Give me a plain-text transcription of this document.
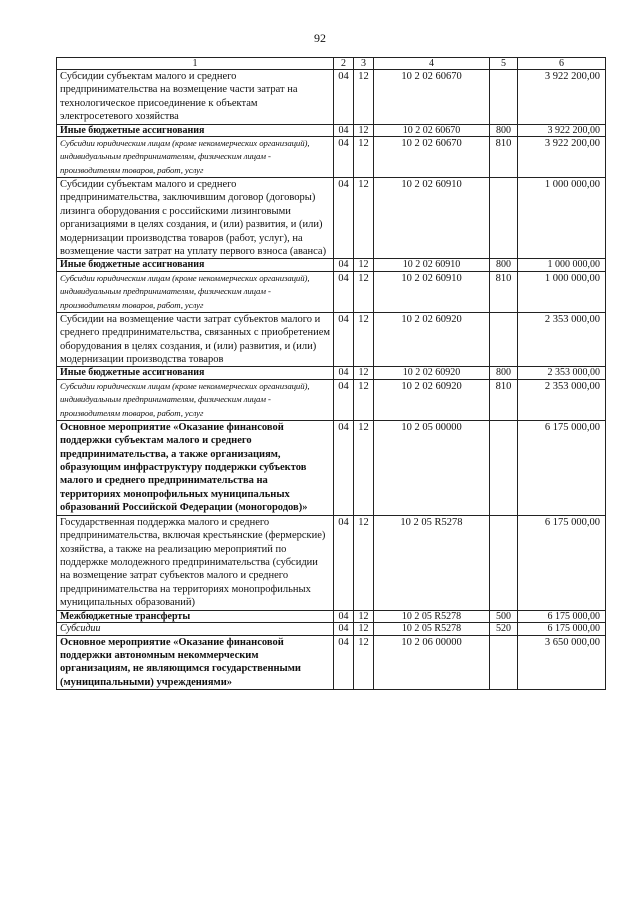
92
1	2	3	4	5	6
Субсидии субъектам малого и среднего предпринимательства на возмещение части затрат на технологическое присоединение к объектам электросетевого хозяйства	04	12	10 2 02 60670		3 922 200,00
Иные бюджетные ассигнования	04	12	10 2 02 60670	800	3 922 200,00
Субсидии юридическим лицам (кроме некоммерческих организаций), индивидуальным предпринимателям, физическим лицам - производителям товаров, работ, услуг	04	12	10 2 02 60670	810	3 922 200,00
Субсидии субъектам малого и среднего предпринимательства, заключившим договор (договоры) лизинга оборудования с российскими лизинговыми организациями в целях создания, и (или) развития, и (или) модернизации производства товаров (работ, услуг), на возмещение части затрат на уплату первого взноса (аванса)	04	12	10 2 02 60910		1 000 000,00
Иные бюджетные ассигнования	04	12	10 2 02 60910	800	1 000 000,00
Субсидии юридическим лицам (кроме некоммерческих организаций), индивидуальным предпринимателям, физическим лицам - производителям товаров, работ, услуг	04	12	10 2 02 60910	810	1 000 000,00
Субсидии на возмещение части затрат субъектов малого и среднего предпринимательства, связанных с приобретением оборудования в целях создания, и (или) развития, и (или) модернизации производства товаров	04	12	10 2 02 60920		2 353 000,00
Иные бюджетные ассигнования	04	12	10 2 02 60920	800	2 353 000,00
Субсидии юридическим лицам (кроме некоммерческих организаций), индивидуальным предпринимателям, физическим лицам - производителям товаров, работ, услуг	04	12	10 2 02 60920	810	2 353 000,00
Основное мероприятие «Оказание финансовой поддержки субъектам малого и среднего предпринимательства, а также организациям, образующим инфраструктуру поддержки субъектов малого и среднего предпринимательства на территориях монопрофильных муниципальных образований Российской Федерации (моногородов)»	04	12	10 2 05 00000		6 175 000,00
Государственная поддержка малого и среднего предпринимательства, включая крестьянские (фермерские) хозяйства, а также на реализацию мероприятий по поддержке молодежного предпринимательства (субсидии на возмещение затрат субъектов малого и среднего предпринимательства на территориях монопрофильных муниципальных образований)	04	12	10 2 05 R5278		6 175 000,00
Межбюджетные трансферты	04	12	10 2 05 R5278	500	6 175 000,00
Субсидии	04	12	10 2 05 R5278	520	6 175 000,00
Основное мероприятие «Оказание финансовой поддержки автономным некоммерческим организациям, не являющимся государственными (муниципальными) учреждениями»	04	12	10 2 06 00000		3 650 000,00
